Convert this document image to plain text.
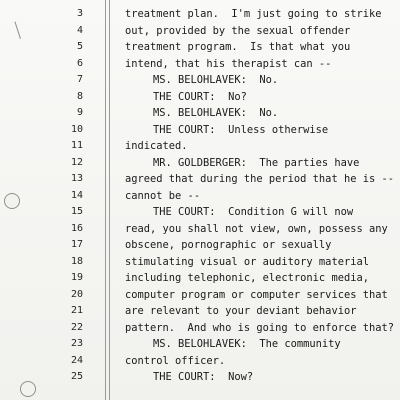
3	treatment plan.  I'm just going to strike
4	out, provided by the sexual offender
5	treatment program.  Is that what you
6	intend, that his therapist can --
7	MS. BELOHLAVEK:  No.
8	THE COURT:  No?
9	MS. BELOHLAVEK:  No.
10	THE COURT:  Unless otherwise
11	indicated.
12	MR. GOLDBERGER:  The parties have
13	agreed that during the period that he is --
14	cannot be --
15	THE COURT:  Condition G will now
16	read, you shall not view, own, possess any
17	obscene, pornographic or sexually
18	stimulating visual or auditory material
19	including telephonic, electronic media,
20	computer program or computer services that
21	are relevant to your deviant behavior
22	pattern.  And who is going to enforce that?
23	MS. BELOHLAVEK:  The community
24	control officer.
25	THE COURT:  Now?
